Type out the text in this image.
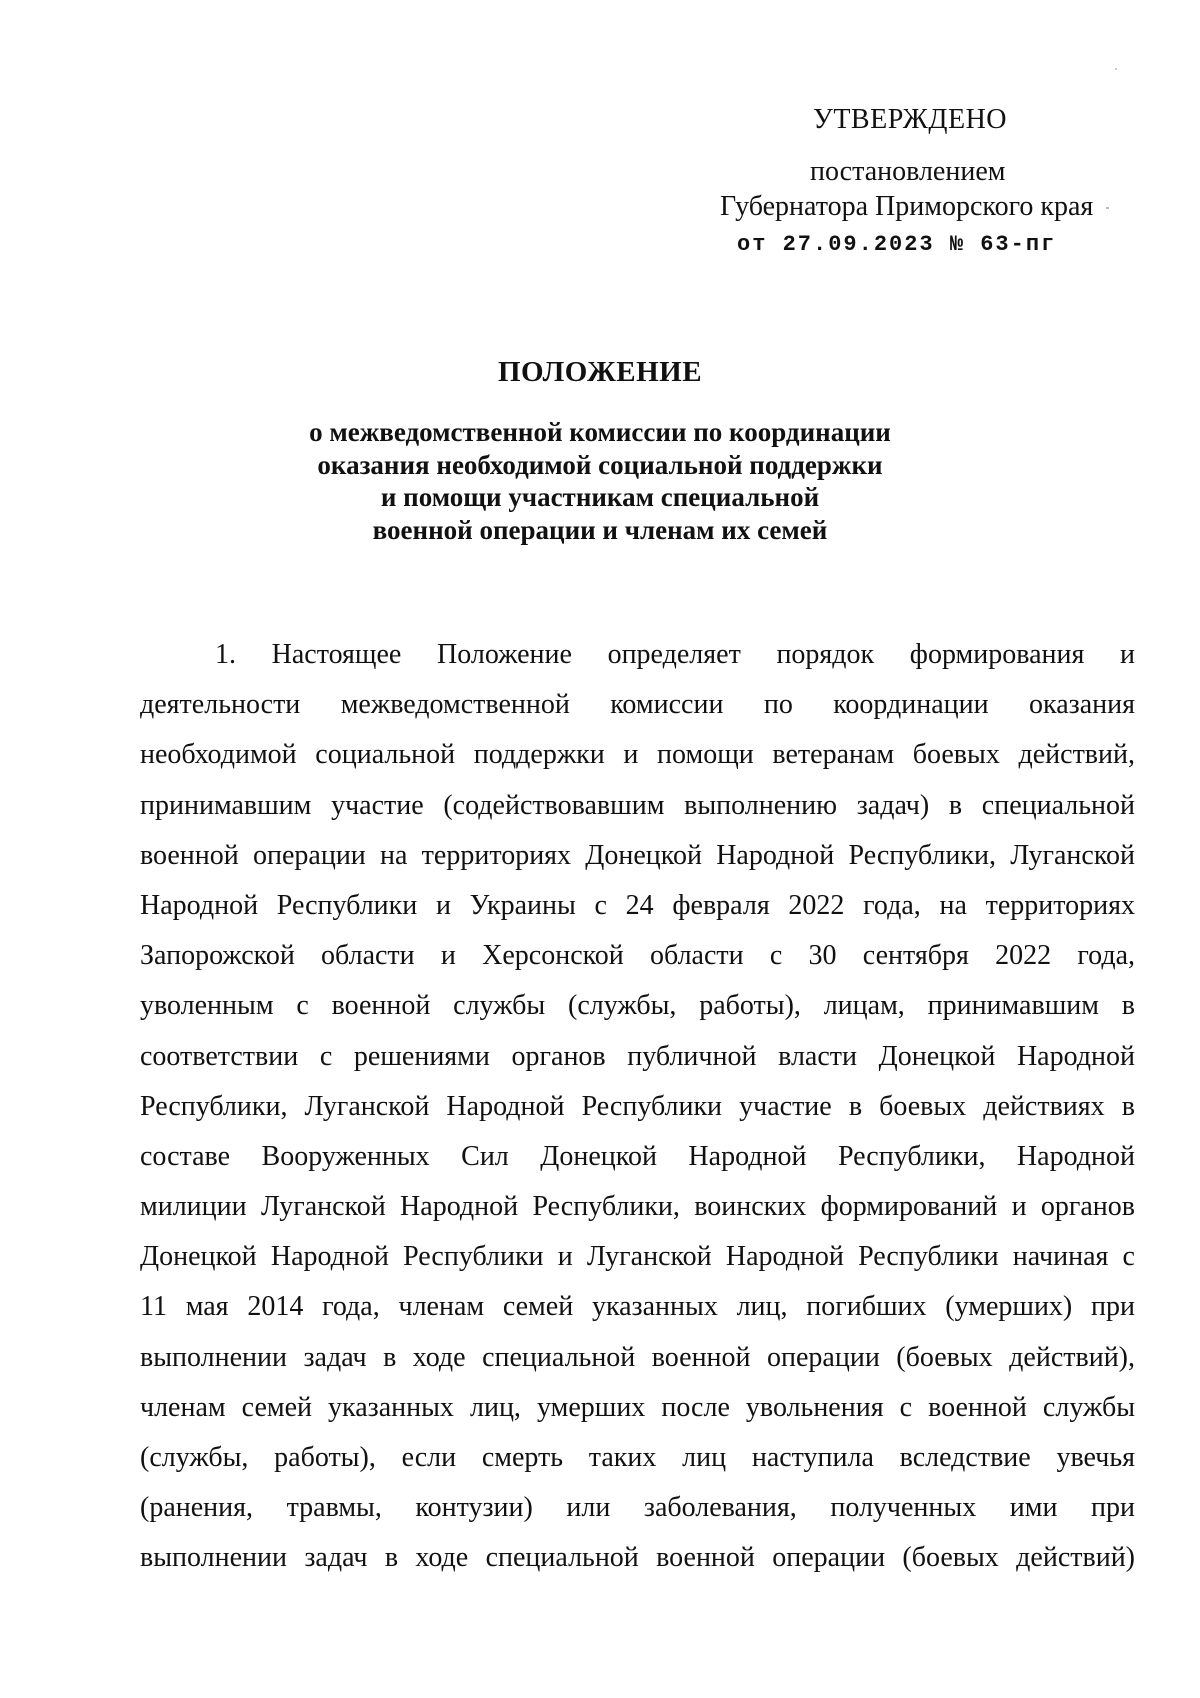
УТВЕРЖДЕНО
постановлением
Губернатора Приморского края
от 27.09.2023 № 63-пг
ПОЛОЖЕНИЕ
о межведомственной комиссии по координации
оказания необходимой социальной поддержки
и помощи участникам специальной
военной операции и членам их семей
1. Настоящее Положение определяет порядок формирования и
деятельности межведомственной комиссии по координации оказания
необходимой социальной поддержки и помощи ветеранам боевых действий,
принимавшим участие (содействовавшим выполнению задач) в специальной
военной операции на территориях Донецкой Народной Республики, Луганской
Народной Республики и Украины с 24 февраля 2022 года, на территориях
Запорожской области и Херсонской области с 30 сентября 2022 года,
уволенным с военной службы (службы, работы), лицам, принимавшим в
соответствии с решениями органов публичной власти Донецкой Народной
Республики, Луганской Народной Республики участие в боевых действиях в
составе Вооруженных Сил Донецкой Народной Республики, Народной
милиции Луганской Народной Республики, воинских формирований и органов
Донецкой Народной Республики и Луганской Народной Республики начиная с
11 мая 2014 года, членам семей указанных лиц, погибших (умерших) при
выполнении задач в ходе специальной военной операции (боевых действий),
членам семей указанных лиц, умерших после увольнения с военной службы
(службы, работы), если смерть таких лиц наступила вследствие увечья
(ранения, травмы, контузии) или заболевания, полученных ими при
выполнении задач в ходе специальной военной операции (боевых действий)
